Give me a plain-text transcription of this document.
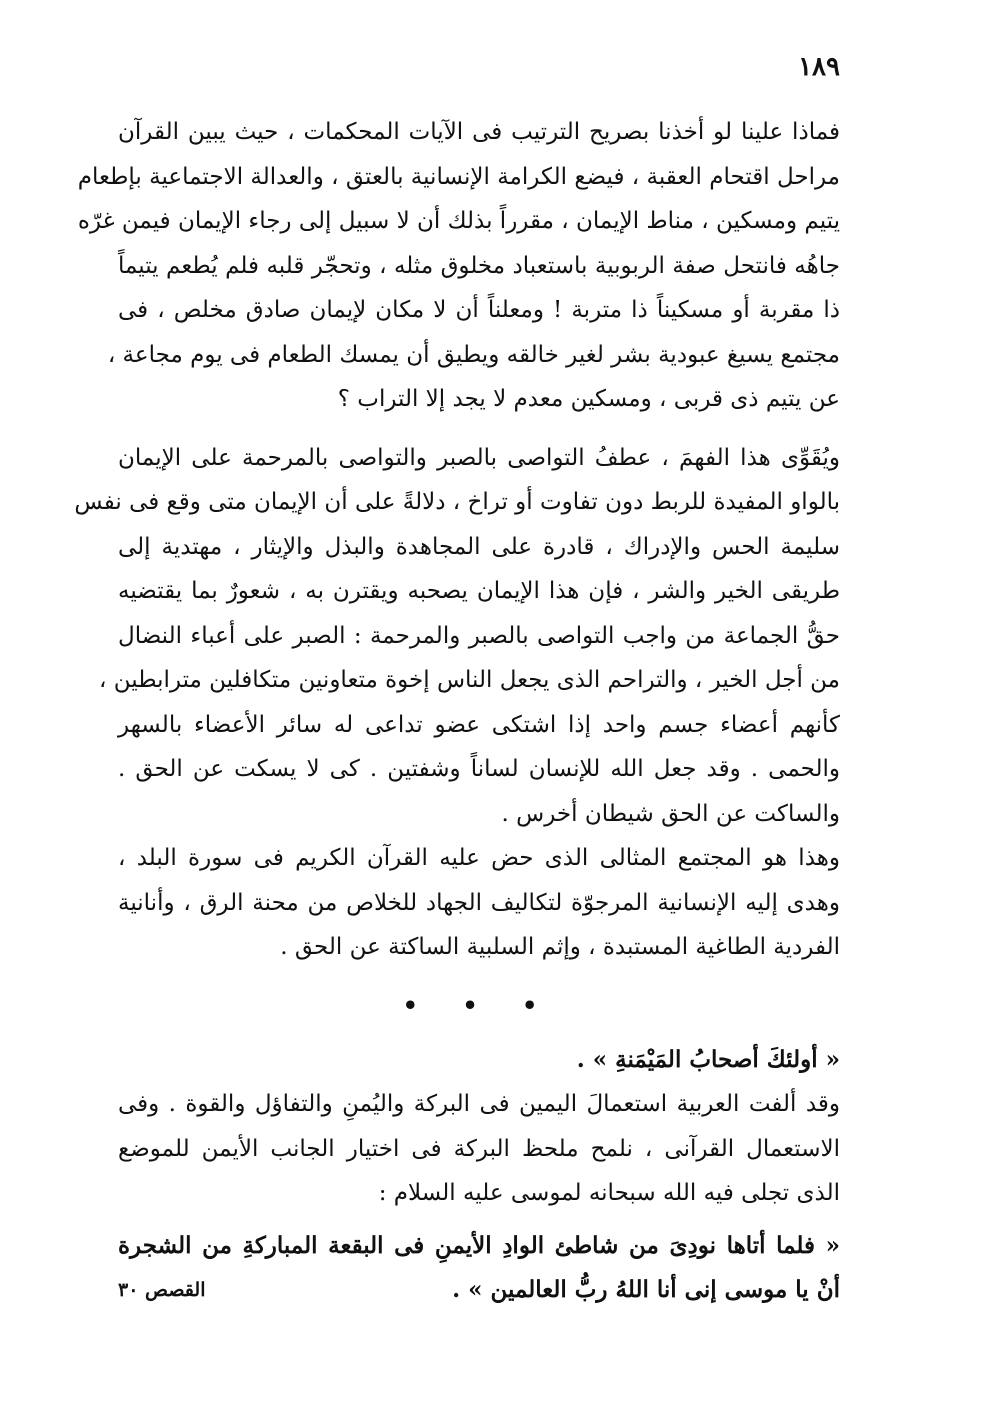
١٨٩
فماذا علينا لو أخذنا بصريح الترتيب فى الآيات المحكمات ، حيث يبين القرآن
مراحل اقتحام العقبة ، فيضع الكرامة الإنسانية بالعتق ، والعدالة الاجتماعية بإطعام
يتيم ومسكين ، مناط الإيمان ، مقرراً بذلك أن لا سبيل إلى رجاء الإيمان فيمن غرّه
جاهُه فانتحل صفة الربوبية باستعباد مخلوق مثله ، وتحجّر قلبه فلم يُطعم يتيماً
ذا مقربة أو مسكيناً ذا متربة ! ومعلناً أن لا مكان لإيمان صادق مخلص ، فى
مجتمع يسيغ عبودية بشر لغير خالقه ويطيق أن يمسك الطعام فى يوم مجاعة ،
عن يتيم ذى قربى ، ومسكين معدم لا يجد إلا التراب ؟
ويُقَوِّى هذا الفهمَ ، عطفُ التواصى بالصبر والتواصى بالمرحمة على الإيمان
بالواو المفيدة للربط دون تفاوت أو تراخ ، دلالةً على أن الإيمان متى وقع فى نفس
سليمة الحس والإدراك ، قادرة على المجاهدة والبذل والإيثار ، مهتدية إلى
طريقى الخير والشر ، فإن هذا الإيمان يصحبه ويقترن به ، شعورٌ بما يقتضيه
حقُّ الجماعة من واجب التواصى بالصبر والمرحمة : الصبر على أعباء النضال
من أجل الخير ، والتراحم الذى يجعل الناس إخوة متعاونين متكافلين مترابطين ،
كأنهم أعضاء جسم واحد إذا اشتكى عضو تداعى له سائر الأعضاء بالسهر
والحمى . وقد جعل الله للإنسان لساناً وشفتين . كى لا يسكت عن الحق .
والساكت عن الحق شيطان أخرس .
وهذا هو المجتمع المثالى الذى حض عليه القرآن الكريم فى سورة البلد ،
وهدى إليه الإنسانية المرجوّة لتكاليف الجهاد للخلاص من محنة الرق ، وأنانية
الفردية الطاغية المستبدة ، وإثم السلبية الساكتة عن الحق .
• • •
« أولئكَ أصحابُ المَيْمَنةِ » .
وقد ألفت العربية استعمالَ اليمين فى البركة واليُمنِ والتفاؤل والقوة . وفى
الاستعمال القرآنى ، نلمح ملحظ البركة فى اختيار الجانب الأيمن للموضع
الذى تجلى فيه الله سبحانه لموسى عليه السلام :
« فلما أتاها نودِىَ من شاطئ الوادِ الأيمنِ فى البقعة المباركةِ من الشجرة
أنْ يا موسى إنى أنا اللهُ ربُّ العالمين » .
القصص ٣٠
